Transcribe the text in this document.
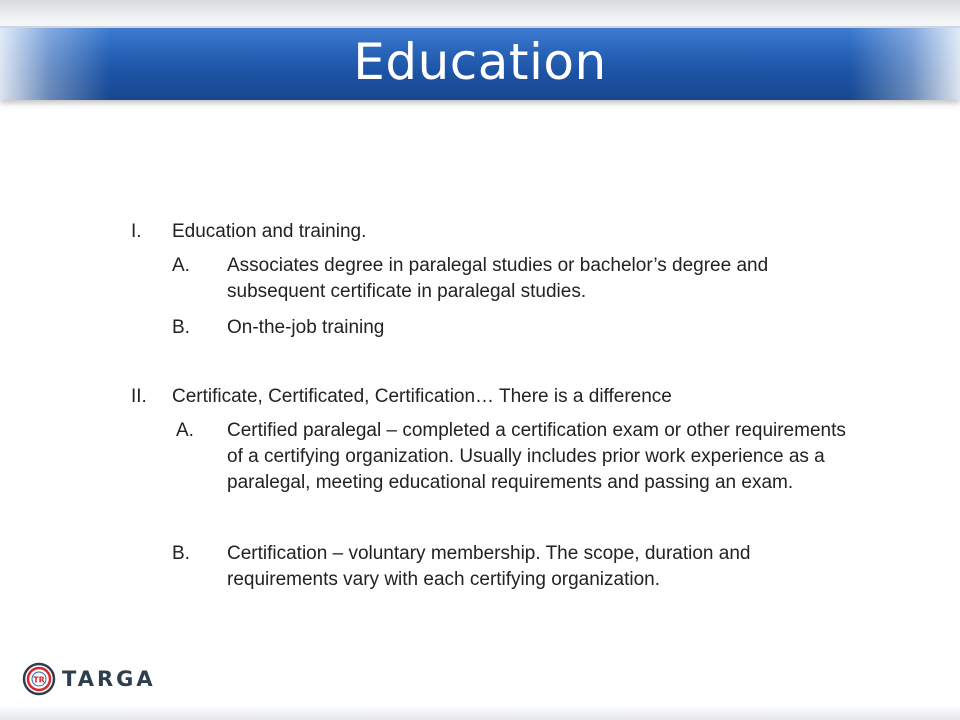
Education
I. Education and training.
A. Associates degree in paralegal studies or bachelor’s degree and subsequent certificate in paralegal studies.
B. On-the-job training
II. Certificate, Certificated, Certification… There is a difference
A. Certified paralegal – completed a certification exam or other requirements of a certifying organization. Usually includes prior work experience as a paralegal, meeting educational requirements and passing an exam.
B. Certification – voluntary membership. The scope, duration and requirements vary with each certifying organization.
TR TARGA
